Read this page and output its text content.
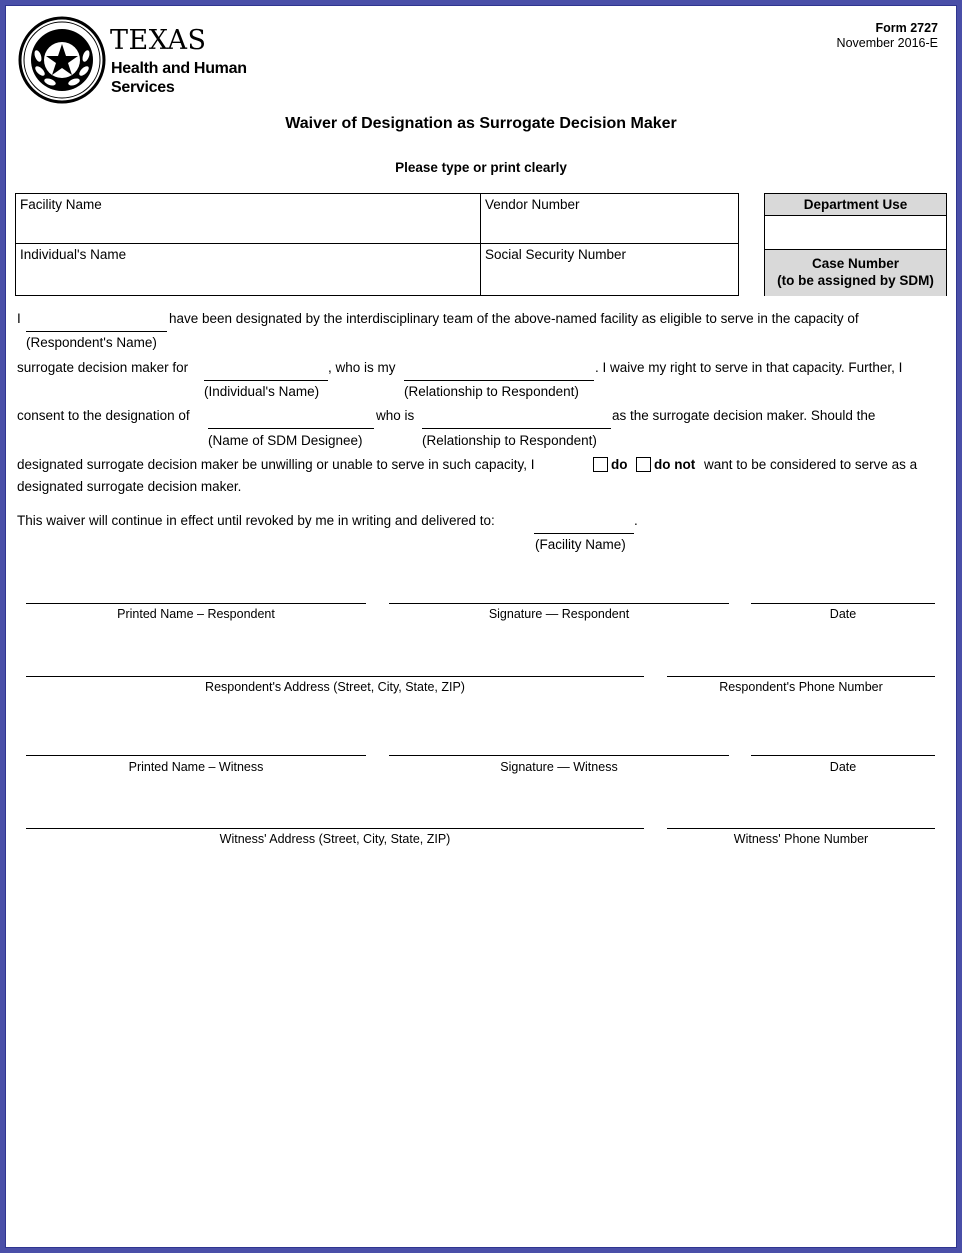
TEXAS
Health and Human
Services
Form 2727
November 2016-E
Waiver of Designation as Surrogate Decision Maker
Please type or print clearly
Facility Name	Vendor Number
Individual's Name	Social Security Number
Department Use
Case Number
(to be assigned by SDM)
I	have been designated by the interdisciplinary team of the above-named facility as eligible to serve in the capacity of
(Respondent's Name)
surrogate decision maker for	, who is my	. I waive my right to serve in that capacity. Further, I
(Individual's Name)	(Relationship to Respondent)
consent to the designation of	who is	as the surrogate decision maker. Should the
(Name of SDM Designee)	(Relationship to Respondent)
designated surrogate decision maker be unwilling or unable to serve in such capacity, I	do do not want to be considered to serve as a
designated surrogate decision maker.
This waiver will continue in effect until revoked by me in writing and delivered to:	.
(Facility Name)
Printed Name – Respondent	Signature — Respondent	Date
Respondent's Address (Street, City, State, ZIP)	Respondent's Phone Number
Printed Name – Witness	Signature — Witness	Date
Witness' Address (Street, City, State, ZIP)	Witness' Phone Number
